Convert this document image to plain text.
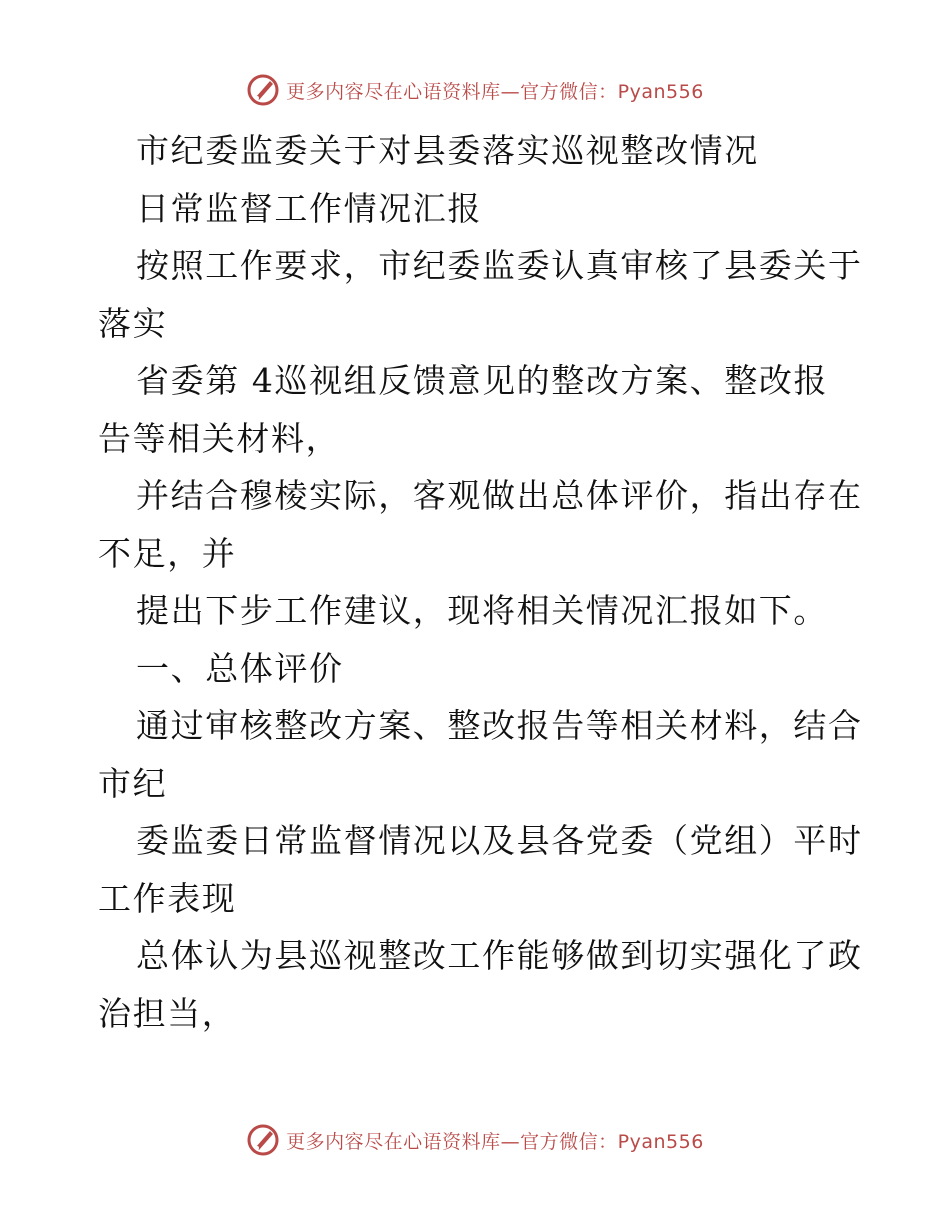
更多内容尽在心语资料库—官方微信：Pyan556
市纪委监委关于对县委落实巡视整改情况
日常监督工作情况汇报
按照工作要求，市纪委监委认真审核了县委关于
落实
省委第 4巡视组反馈意见的整改方案、整改报
告等相关材料，
并结合穆棱实际，客观做出总体评价，指出存在
不足，并
提出下步工作建议，现将相关情况汇报如下。
一、总体评价
通过审核整改方案、整改报告等相关材料，结合
市纪
委监委日常监督情况以及县各党委（党组）平时
工作表现
总体认为县巡视整改工作能够做到切实强化了政
治担当，
更多内容尽在心语资料库—官方微信：Pyan556
